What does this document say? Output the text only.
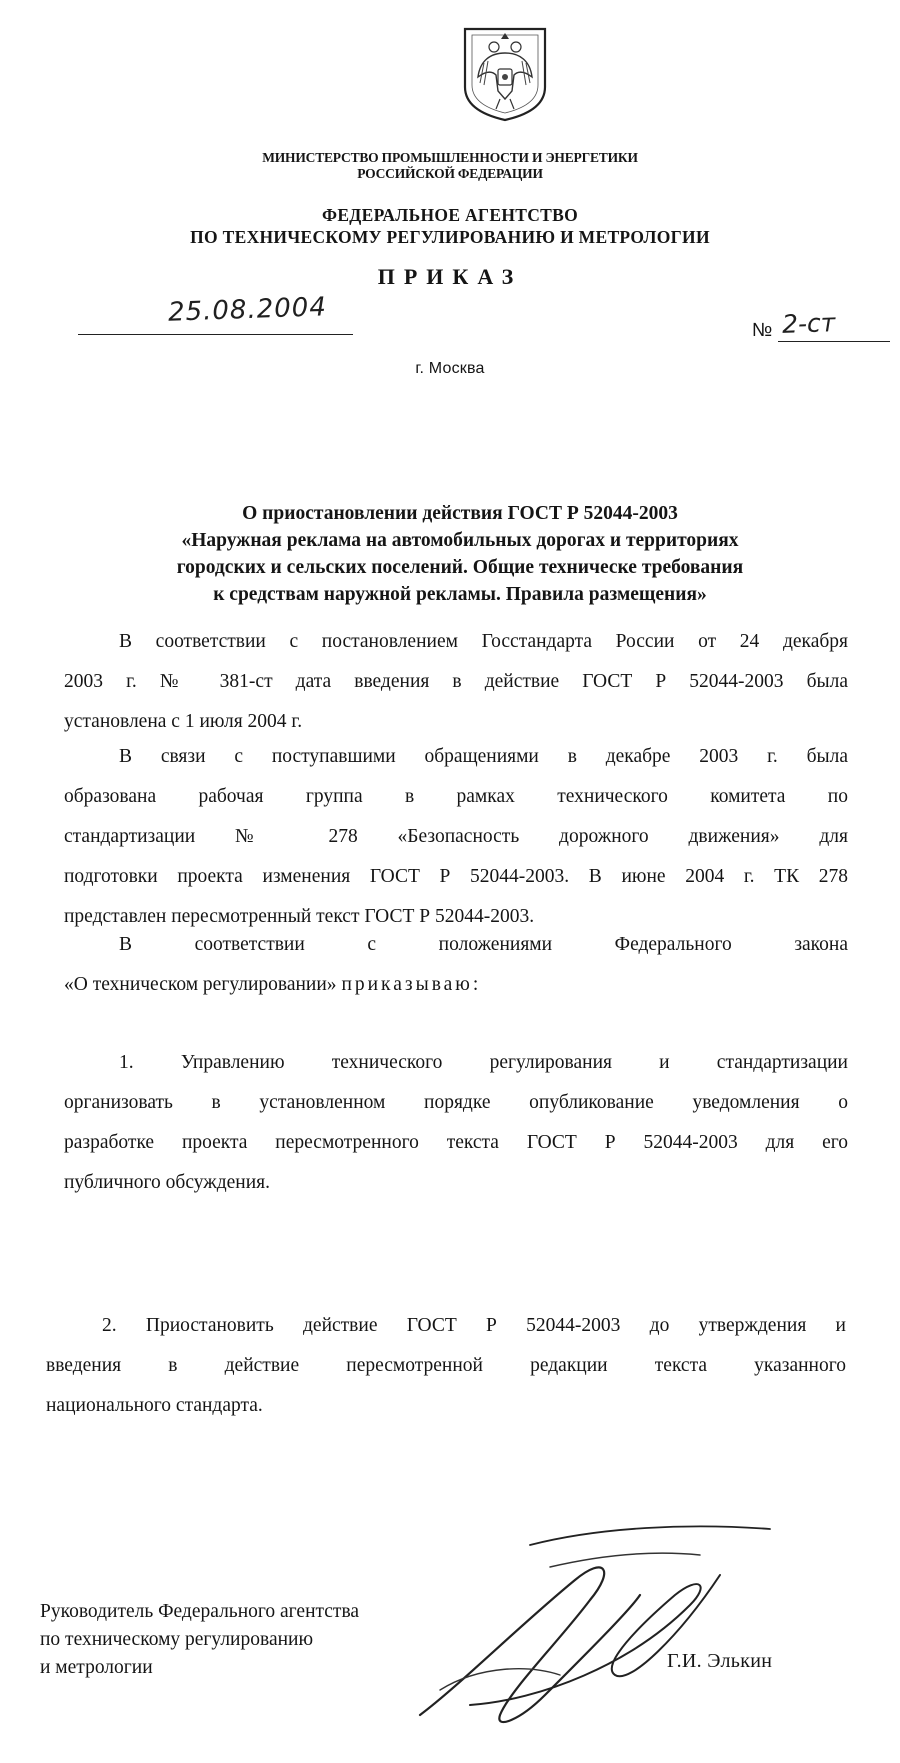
МИНИСТЕРСТВО ПРОМЫШЛЕННОСТИ И ЭНЕРГЕТИКИ
РОССИЙСКОЙ ФЕДЕРАЦИИ
ФЕДЕРАЛЬНОЕ АГЕНТСТВО
ПО ТЕХНИЧЕСКОМУ РЕГУЛИРОВАНИЮ И МЕТРОЛОГИИ
ПРИКАЗ
25.08.2004
№ 2-ст
г. Москва
О приостановлении действия ГОСТ Р 52044-2003
«Наружная реклама на автомобильных дорогах и территориях
городских и сельских поселений. Общие техническе требования
к средствам наружной рекламы. Правила размещения»
В соответствии с постановлением Госстандарта России от 24 декабря
2003 г. № 381-ст дата введения в действие ГОСТ Р 52044-2003 была
установлена с 1 июля 2004 г.
В связи с поступавшими обращениями в декабре 2003 г. была
образована рабочая группа в рамках технического комитета по
стандартизации № 278 «Безопасность дорожного движения» для
подготовки проекта изменения ГОСТ Р 52044-2003. В июне 2004 г. ТК 278
представлен пересмотренный текст ГОСТ Р 52044-2003.
В соответствии с положениями Федерального закона
«О техническом регулировании» приказываю:
1. Управлению технического регулирования и стандартизации
организовать в установленном порядке опубликование уведомления о
разработке проекта пересмотренного текста ГОСТ Р 52044-2003 для его
публичного обсуждения.
2. Приостановить действие ГОСТ Р 52044-2003 до утверждения и
введения в действие пересмотренной редакции текста указанного
национального стандарта.
Руководитель Федерального агентства
по техническому регулированию
и метрологии	Г.И. Элькин
